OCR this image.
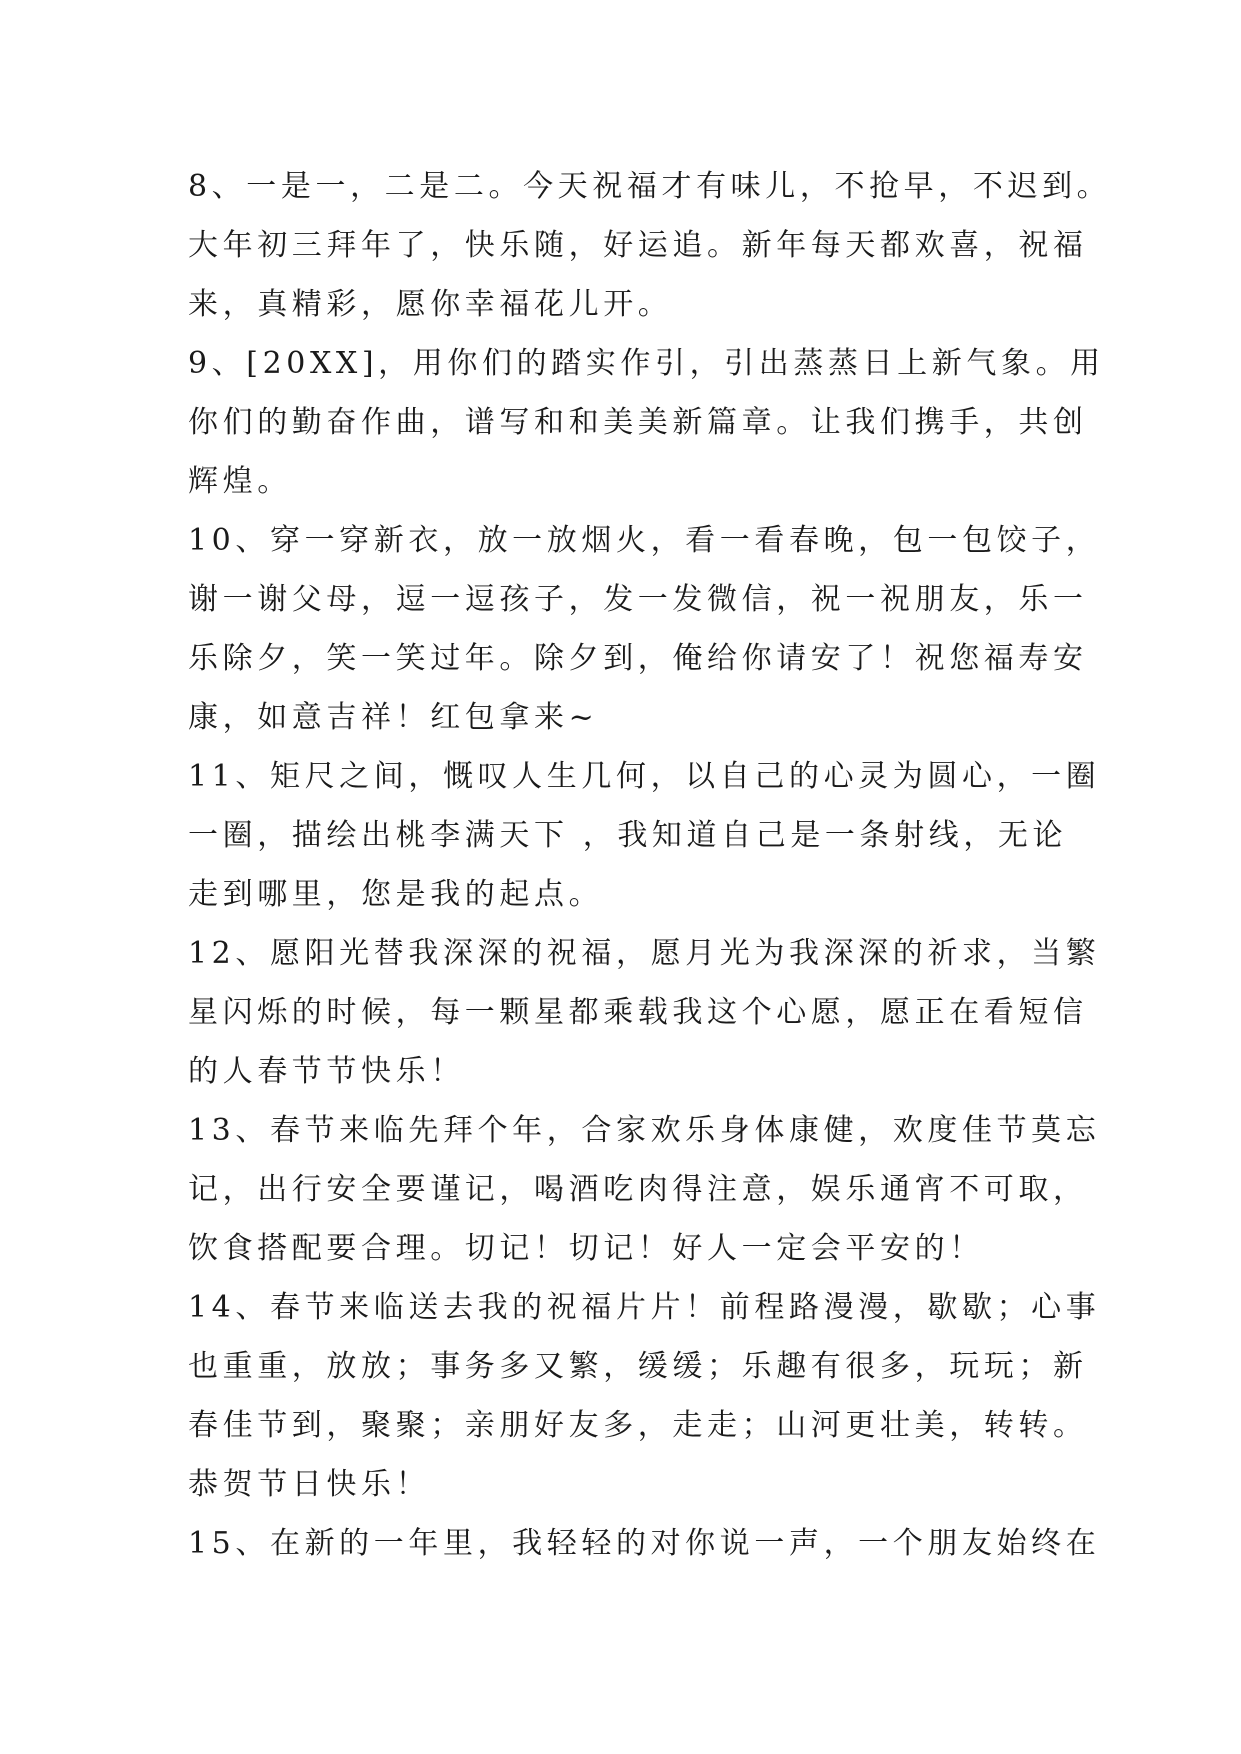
8、一是一，二是二。今天祝福才有味儿，不抢早，不迟到。
大年初三拜年了，快乐随，好运追。新年每天都欢喜，祝福
来，真精彩，愿你幸福花儿开。
9、[20XX]，用你们的踏实作引，引出蒸蒸日上新气象。用
你们的勤奋作曲，谱写和和美美新篇章。让我们携手，共创
辉煌。
10、穿一穿新衣，放一放烟火，看一看春晚，包一包饺子，
谢一谢父母，逗一逗孩子，发一发微信，祝一祝朋友，乐一
乐除夕，笑一笑过年。除夕到，俺给你请安了！祝您福寿安
康，如意吉祥！红包拿来~
11、矩尺之间，慨叹人生几何，以自己的心灵为圆心，一圈
一圈，描绘出桃李满天下 ，我知道自己是一条射线，无论
走到哪里，您是我的起点。
12、愿阳光替我深深的祝福，愿月光为我深深的祈求，当繁
星闪烁的时候，每一颗星都乘载我这个心愿，愿正在看短信
的人春节节快乐！
13、春节来临先拜个年，合家欢乐身体康健，欢度佳节莫忘
记，出行安全要谨记，喝酒吃肉得注意，娱乐通宵不可取，
饮食搭配要合理。切记！切记！好人一定会平安的！
14、春节来临送去我的祝福片片！前程路漫漫，歇歇；心事
也重重，放放；事务多又繁，缓缓；乐趣有很多，玩玩；新
春佳节到，聚聚；亲朋好友多，走走；山河更壮美，转转。
恭贺节日快乐！
15、在新的一年里，我轻轻的对你说一声，一个朋友始终在
